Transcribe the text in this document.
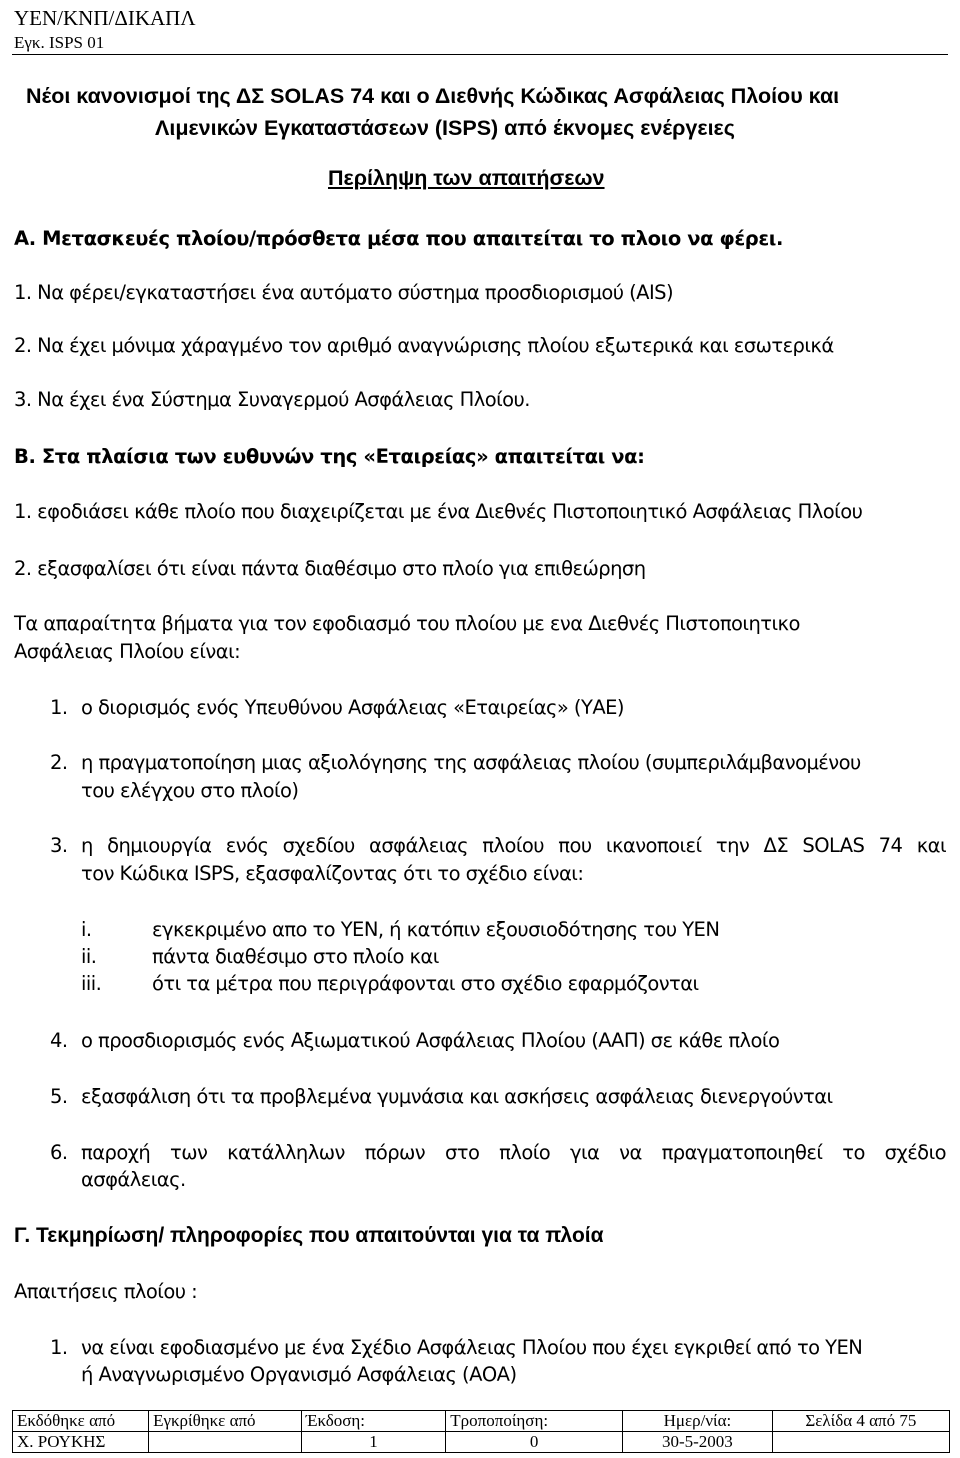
ΥΕΝ/ΚΝΠ/ΔΙΚΑΠΛ
Εγκ. ISPS 01
Νέοι κανονισμοί της ΔΣ SOLAS 74 και ο Διεθνής Κώδικας Ασφάλειας Πλοίου και
Λιμενικών Εγκαταστάσεων (ISPS) από έκνομες ενέργειες
Περίληψη των απαιτήσεων
Α. Μετασκευές πλοίου/πρόσθετα μέσα που απαιτείται το πλοιο να φέρει.
1. Να φέρει/εγκαταστήσει ένα αυτόματο σύστημα προσδιορισμού (AIS)
2. Να έχει μόνιμα χάραγμένο τον αριθμό αναγνώρισης πλοίου εξωτερικά και εσωτερικά
3. Να έχει ένα Σύστημα Συναγερμού Ασφάλειας Πλοίου.
Β. Στα πλαίσια των ευθυνών της «Εταιρείας» απαιτείται να:
1. εφοδιάσει κάθε πλοίο που διαχειρίζεται με ένα Διεθνές Πιστοποιητικό Ασφάλειας Πλοίου
2. εξασφαλίσει ότι είναι πάντα διαθέσιμο στο πλοίο για επιθεώρηση
Τα απαραίτητα βήματα για τον εφοδιασμό του πλοίου με ενα Διεθνές Πιστοποιητικο
Ασφάλειας Πλοίου είναι:
1. ο διορισμός ενός Υπευθύνου Ασφάλειας «Εταιρείας» (ΥΑΕ)
2. η πραγματοποίηση μιας αξιολόγησης της ασφάλειας πλοίου (συμπεριλάμβανομένου
του ελέγχου στο πλοίο)
3. η δημιουργία ενός σχεδίου ασφάλειας πλοίου που ικανοποιεί την ΔΣ SOLAS 74 και
τον Κώδικα ISPS, εξασφαλίζοντας ότι το σχέδιο είναι:
i.	εγκεκριμένο απο το ΥΕΝ, ή κατόπιν εξουσιοδότησης του ΥΕΝ
ii.	πάντα διαθέσιμο στο πλοίο και
iii.	ότι τα μέτρα που περιγράφονται στο σχέδιο εφαρμόζονται
4. ο προσδιορισμός ενός Αξιωματικού Ασφάλειας Πλοίου (ΑΑΠ) σε κάθε πλοίο
5. εξασφάλιση ότι τα προβλεμένα γυμνάσια και ασκήσεις ασφάλειας διενεργούνται
6. παροχή των κατάλληλων πόρων στο πλοίο για να πραγματοποιηθεί το σχέδιο
ασφάλειας.
Γ. Τεκμηρίωση/ πληροφορίες που απαιτούνται για τα πλοία
Απαιτήσεις πλοίου :
1. να είναι εφοδιασμένο με ένα Σχέδιο Ασφάλειας Πλοίου που έχει εγκριθεί από το ΥΕΝ
ή Αναγνωρισμένο Οργανισμό Ασφάλειας (ΑΟΑ)
Εκδόθηκε από	Εγκρίθηκε από	Έκδοση:	Τροποποίηση:	Ημερ/νία:	Σελίδα 4 από 75
Χ. ΡΟΥΚΗΣ		1	0	30-5-2003	
